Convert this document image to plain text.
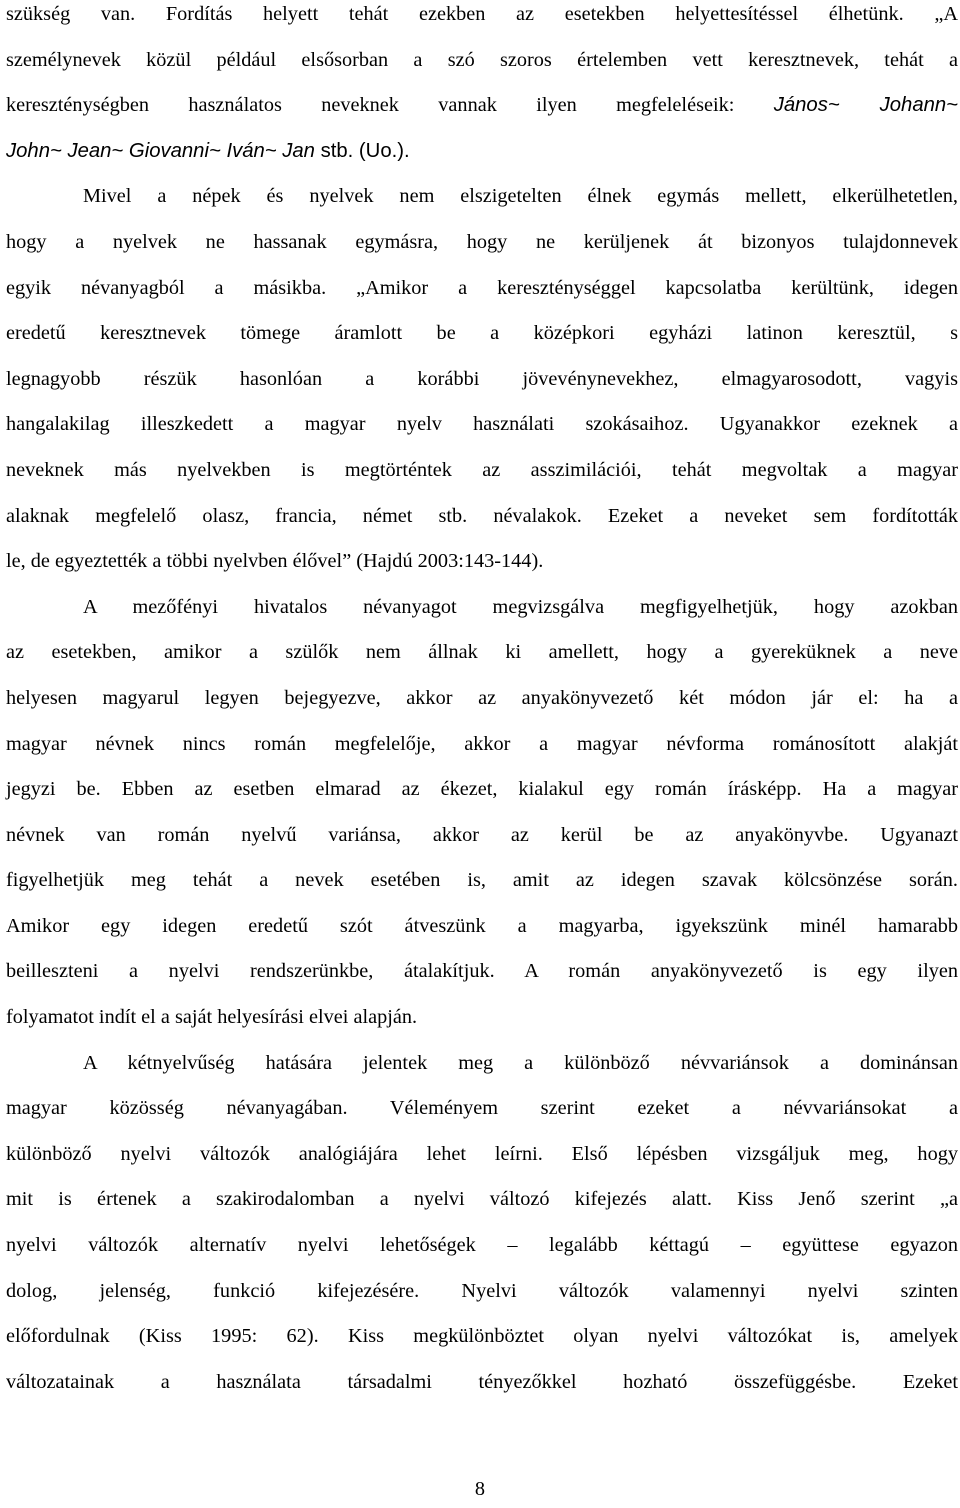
szükség van. Fordítás helyett tehát ezekben az esetekben helyettesítéssel élhetünk. „A
személynevek közül például elsősorban a szó szoros értelemben vett keresztnevek, tehát a
kereszténységben használatos neveknek vannak ilyen megfeleléseik: János~ Johann~
John~ Jean~ Giovanni~ Iván~ Jan stb. (Uo.).
Mivel a népek és nyelvek nem elszigetelten élnek egymás mellett, elkerülhetetlen,
hogy a nyelvek ne hassanak egymásra, hogy ne kerüljenek át bizonyos tulajdonnevek
egyik névanyagból a másikba. „Amikor a kereszténységgel kapcsolatba kerültünk, idegen
eredetű keresztnevek tömege áramlott be a középkori egyházi latinon keresztül, s
legnagyobb részük hasonlóan a korábbi jövevénynevekhez, elmagyarosodott, vagyis
hangalakilag illeszkedett a magyar nyelv használati szokásaihoz. Ugyanakkor ezeknek a
neveknek más nyelvekben is megtörténtek az asszimilációi, tehát megvoltak a magyar
alaknak megfelelő olasz, francia, német stb. névalakok. Ezeket a neveket sem fordították
le, de egyeztették a többi nyelvben élővel” (Hajdú 2003:143-144).
A mezőfényi hivatalos névanyagot megvizsgálva megfigyelhetjük, hogy azokban
az esetekben, amikor a szülők nem állnak ki amellett, hogy a gyereküknek a neve
helyesen magyarul legyen bejegyezve, akkor az anyakönyvezető két módon jár el: ha a
magyar névnek nincs román megfelelője, akkor a magyar névforma románosított alakját
jegyzi be. Ebben az esetben elmarad az ékezet, kialakul egy román írásképp. Ha a magyar
névnek van román nyelvű variánsa, akkor az kerül be az anyakönyvbe. Ugyanazt
figyelhetjük meg tehát a nevek esetében is, amit az idegen szavak kölcsönzése során.
Amikor egy idegen eredetű szót átveszünk a magyarba, igyekszünk minél hamarabb
beilleszteni a nyelvi rendszerünkbe, átalakítjuk. A román anyakönyvezető is egy ilyen
folyamatot indít el a saját helyesírási elvei alapján.
A kétnyelvűség hatására jelentek meg a különböző névvariánsok a dominánsan
magyar közösség névanyagában. Véleményem szerint ezeket a névvariánsokat a
különböző nyelvi változók analógiájára lehet leírni. Első lépésben vizsgáljuk meg, hogy
mit is értenek a szakirodalomban a nyelvi változó kifejezés alatt. Kiss Jenő szerint „a
nyelvi változók alternatív nyelvi lehetőségek – legalább kéttagú – együttese egyazon
dolog, jelenség, funkció kifejezésére. Nyelvi változók valamennyi nyelvi szinten
előfordulnak (Kiss 1995: 62). Kiss megkülönböztet olyan nyelvi változókat is, amelyek
változatainak a használata társadalmi tényezőkkel hozható összefüggésbe. Ezeket
8
